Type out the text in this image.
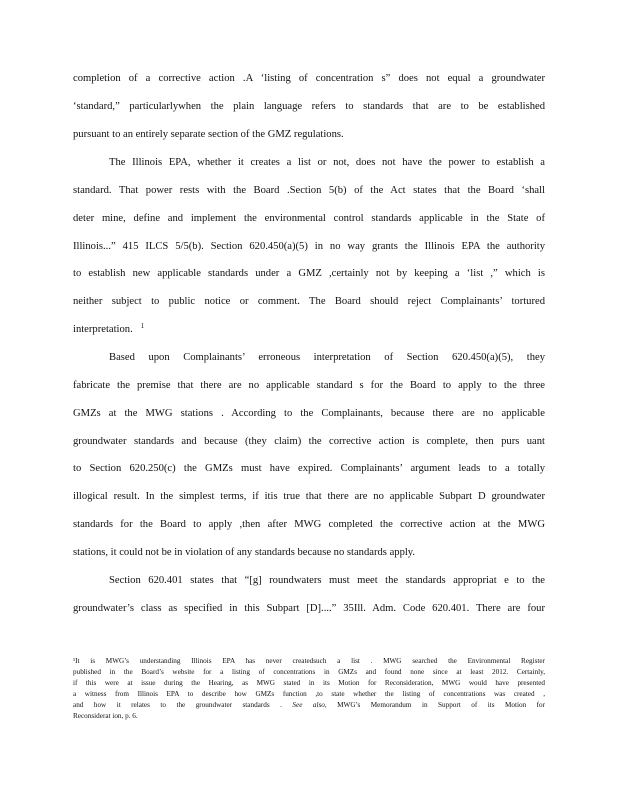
completion of a corrective action .A ‘listing of concentration s” does not equal a groundwater
‘standard,” particularlywhen the plain language refers to standards that are to be established
pursuant to an entirely separate section of the GMZ regulations.
The Illinois EPA, whether it creates a list or not, does not have the power to establish a
standard. That power rests with the Board .Section 5(b) of the Act states that the Board ‘shall
deter mine, define and implement the environmental control standards applicable in the State of
Illinois...” 415 ILCS 5/5(b). Section 620.450(a)(5) in no way grants the Illinois EPA the authority
to establish new applicable standards under a GMZ ,certainly not by keeping a ‘list ,” which is
neither subject to public notice or comment. The Board should reject Complainants’ tortured
interpretation. $^1$
Based upon Complainants’ erroneous interpretation of Section 620.450(a)(5), they
fabricate the premise that there are no applicable standard s for the Board to apply to the three
GMZs at the MWG stations . According to the Complainants, because there are no applicable
groundwater standards and because (they claim) the corrective action is complete, then purs uant
to Section 620.250(c) the GMZs must have expired. Complainants’ argument leads to a totally
illogical result. In the simplest terms, if itis true that there are no applicable Subpart D groundwater
standards for the Board to apply ,then after MWG completed the corrective action at the MWG
stations, it could not be in violation of any standards because no standards apply.
Section 620.401 states that “[g] roundwaters must meet the standards appropriat e to the
groundwater’s class as specified in this Subpart [D]....” 35Ill. Adm. Code 620.401. There are four
¹It is MWG’s understanding Illinois EPA has never createdsuch a list . MWG searched the Environmental Register
published in the Board’s website for a listing of concentrations in GMZs and found none since at least 2012. Certainly,
if this were at issue during the Hearing, as MWG stated in its Motion for Reconsideration, MWG would have presented
a witness from Illinois EPA to describe how GMZs function ,to state whether the listing of concentrations was created ,
and how it relates to the groundwater standards . See also, MWG’s Memorandum in Support of its Motion for
Reconsiderat ion, p. 6.
